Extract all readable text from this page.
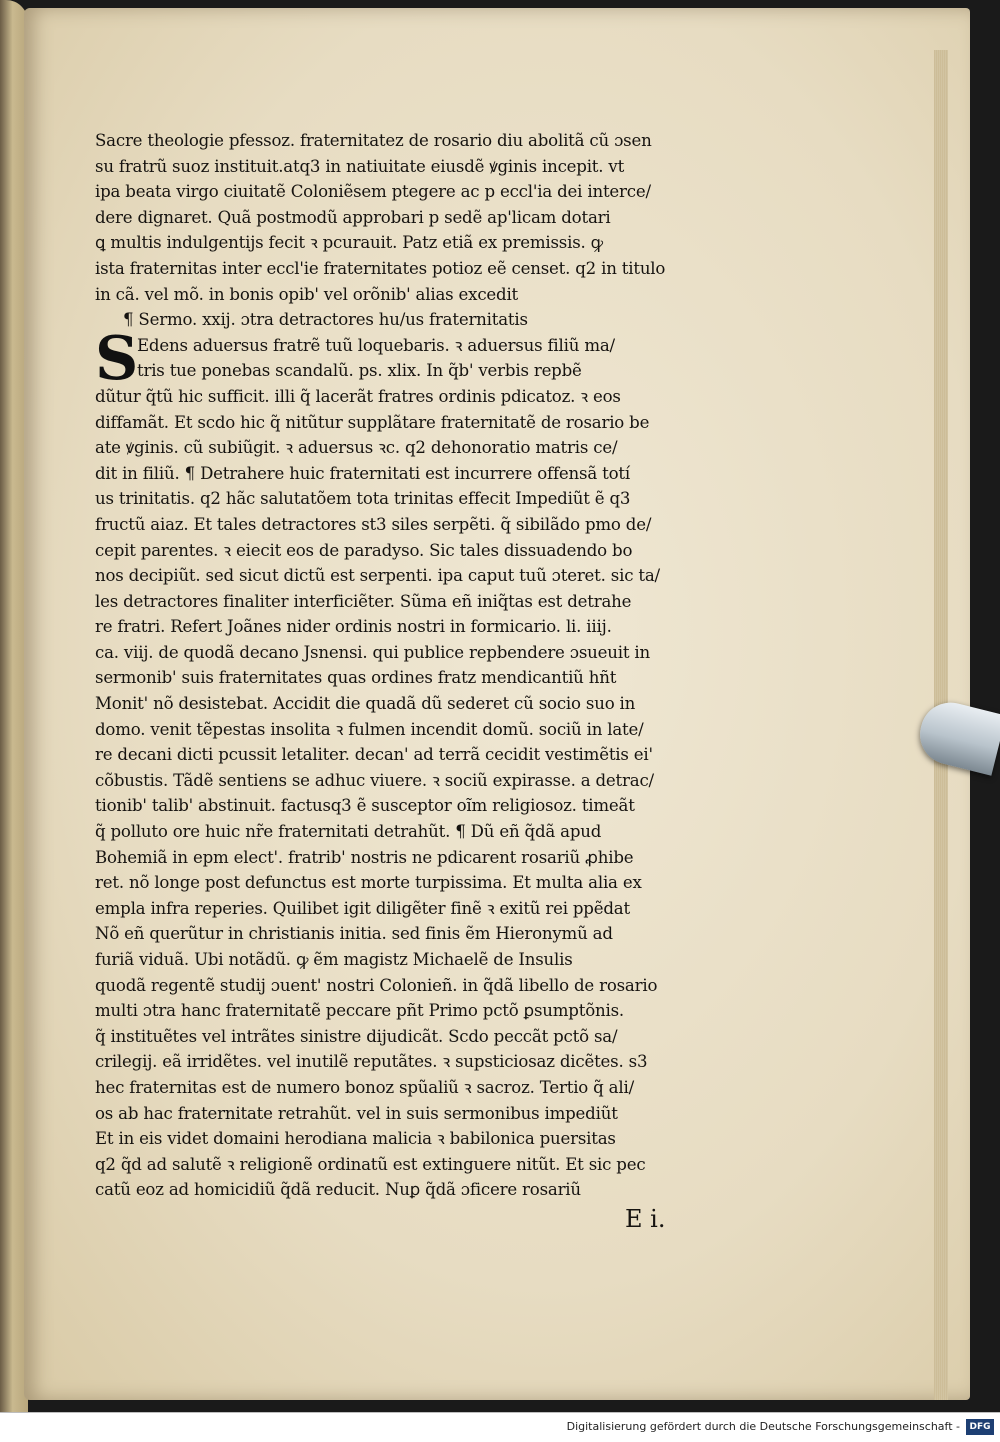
Sacre theologie pfessoz. fraternitatez de rosario diu abolitã cũ ɔsen
su fratrũ suoz instituit.atq3 in natiuitate eiusdẽ ꝟginis incepit. vt
ipa beata virgo ciuitatẽ Coloniẽsem ptegere ac p eccl'ia dei interce/
dere dignaret. Quã postmodũ approbari p sedẽ ap'licam dotari
ꝗ multis indulgentijs fecit ꝛ pcurauit. Patz etiã ex premissis. ꝙ
ista fraternitas inter eccl'ie fraternitates potioz eẽ censet. q2 in titulo
in cã. vel mõ. in bonis opib' vel orõnib' alias excedit
¶ Sermo. xxij. ɔtra detractores hu/us fraternitatis
S
Edens aduersus fratrẽ tuũ loquebaris. ꝛ aduersus filiũ ma/
tris tue ponebas scandalũ. ps. xlix. In q̃b' verbis repbẽ
dũtur q̃tũ hic sufficit. illi q̃ lacerãt fratres ordinis pdicatoz. ꝛ eos
diffamãt. Et scdo hic q̃ nitũtur supplãtare fraternitatẽ de rosario be
ate ꝟginis. cũ subiũgit. ꝛ aduersus ꝛc. q2 dehonoratio matris ce/
dit in filiũ. ¶ Detrahere huic fraternitati est incurrere offensã totí
us trinitatis. q2 hãc salutatõem tota trinitas effecit Impediũt ẽ q3
fructũ aiaz. Et tales detractores st3 siles serpẽti. q̃ sibilãdo pmo de/
cepit parentes. ꝛ eiecit eos de paradyso. Sic tales dissuadendo bo
nos decipiũt. sed sicut dictũ est serpenti. ipa caput tuũ ɔteret. sic ta/
les detractores finaliter interficiẽter. Sũma eñ iniq̃tas est detrahe
re fratri. Refert Joãnes nider ordinis nostri in formicario. li. iiij.
ca. viij. de quodã decano Jsnensi. qui publice repbendere ɔsueuit in
sermonib' suis fraternitates quas ordines fratz mendicantiũ hñt
Monit' nõ desistebat. Accidit die quadã dũ sederet cũ socio suo in
domo. venit tẽpestas insolita ꝛ fulmen incendit domũ. sociũ in late/
re decani dicti pcussit letaliter. decan' ad terrã cecidit vestimẽtis ei'
cõbustis. Tãdẽ sentiens se adhuc viuere. ꝛ sociũ expirasse. a detrac/
tionib' talib' abstinuit. factusq3 ẽ susceptor oĩm religiosoz. timeãt
q̃ polluto ore huic nr̃e fraternitati detrahũt. ¶ Dũ eñ q̃dã apud
Bohemiã in epm elect'. fratrib' nostris ne pdicarent rosariũ ꝓhibe
ret. nõ longe post defunctus est morte turpissima. Et multa alia ex
empla infra reperies. Quilibet igit diligẽter finẽ ꝛ exitũ rei ppẽdat
Nõ eñ querũtur in christianis initia. sed finis ẽm Hieronymũ ad
furiã viduã. Ubi notãdũ. ꝙ ẽm magistz Michaelẽ de Insulis
quodã regentẽ studij ɔuent' nostri Colonieñ. in q̃dã libello de rosario
multi ɔtra hanc fraternitatẽ peccare pñt Primo pctõ ꝑsumptõnis.
q̃ instituẽtes vel intrãtes sinistre dijudicãt. Scdo peccãt pctõ sa/
crilegij. eã irridẽtes. vel inutilẽ reputãtes. ꝛ supsticiosaz dicẽtes. s3
hec fraternitas est de numero bonoz spũaliũ ꝛ sacroz. Tertio q̃ ali/
os ab hac fraternitate retrahũt. vel in suis sermonibus impediũt
Et in eis videt domaini herodiana malicia ꝛ babilonica puersitas
q2 q̃d ad salutẽ ꝛ religionẽ ordinatũ est extinguere nitũt. Et sic pec
catũ eoz ad homicidiũ q̃dã reducit. Nuꝑ q̃dã ɔficere rosariũ
E i.
Digitalisierung gefördert durch die Deutsche Forschungsgemeinschaft -	DFG
